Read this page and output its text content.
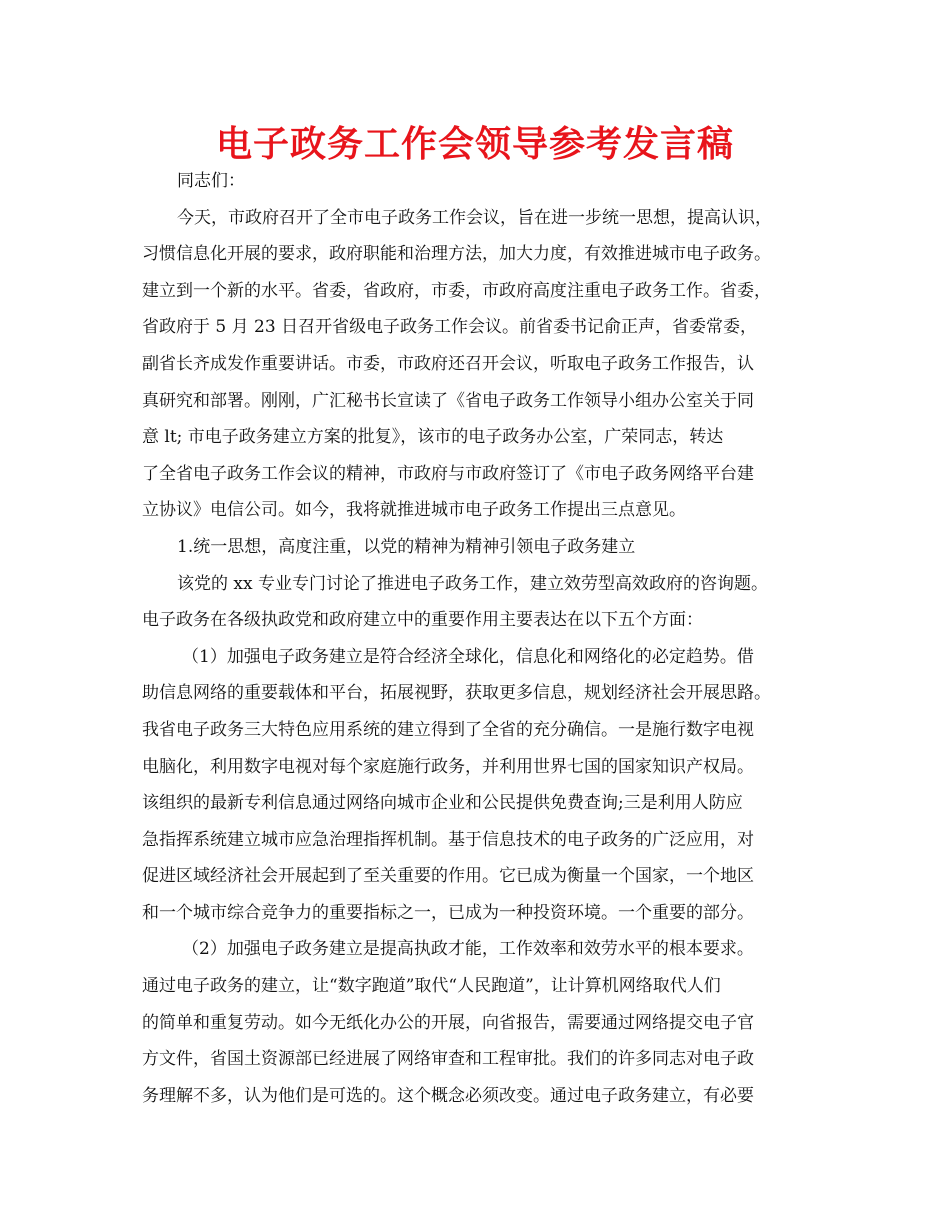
电子政务工作会领导参考发言稿
同志们：
今天，市政府召开了全市电子政务工作会议，旨在进一步统一思想，提高认识，
习惯信息化开展的要求，政府职能和治理方法，加大力度，有效推进城市电子政务。
建立到一个新的水平。省委，省政府，市委，市政府高度注重电子政务工作。省委，
省政府于 5 月 23 日召开省级电子政务工作会议。前省委书记俞正声，省委常委，
副省长齐成发作重要讲话。市委，市政府还召开会议，听取电子政务工作报告，认
真研究和部署。刚刚，广汇秘书长宣读了《省电子政务工作领导小组办公室关于同
意 lt; 市电子政务建立方案的批复》，该市的电子政务办公室，广荣同志，转达
了全省电子政务工作会议的精神，市政府与市政府签订了《市电子政务网络平台建
立协议》电信公司。如今，我将就推进城市电子政务工作提出三点意见。
1.统一思想，高度注重，以党的精神为精神引领电子政务建立
该党的 xx 专业专门讨论了推进电子政务工作，建立效劳型高效政府的咨询题。
电子政务在各级执政党和政府建立中的重要作用主要表达在以下五个方面：
（1）加强电子政务建立是符合经济全球化，信息化和网络化的必定趋势。借
助信息网络的重要载体和平台，拓展视野，获取更多信息，规划经济社会开展思路。
我省电子政务三大特色应用系统的建立得到了全省的充分确信。一是施行数字电视
电脑化，利用数字电视对每个家庭施行政务，并利用世界七国的国家知识产权局。
该组织的最新专利信息通过网络向城市企业和公民提供免费查询;三是利用人防应
急指挥系统建立城市应急治理指挥机制。基于信息技术的电子政务的广泛应用，对
促进区域经济社会开展起到了至关重要的作用。它已成为衡量一个国家，一个地区
和一个城市综合竞争力的重要指标之一，已成为一种投资环境。一个重要的部分。
（2）加强电子政务建立是提高执政才能，工作效率和效劳水平的根本要求。
通过电子政务的建立，让“数字跑道”取代“人民跑道”，让计算机网络取代人们
的简单和重复劳动。如今无纸化办公的开展，向省报告，需要通过网络提交电子官
方文件，省国土资源部已经进展了网络审查和工程审批。我们的许多同志对电子政
务理解不多，认为他们是可选的。这个概念必须改变。通过电子政务建立，有必要
